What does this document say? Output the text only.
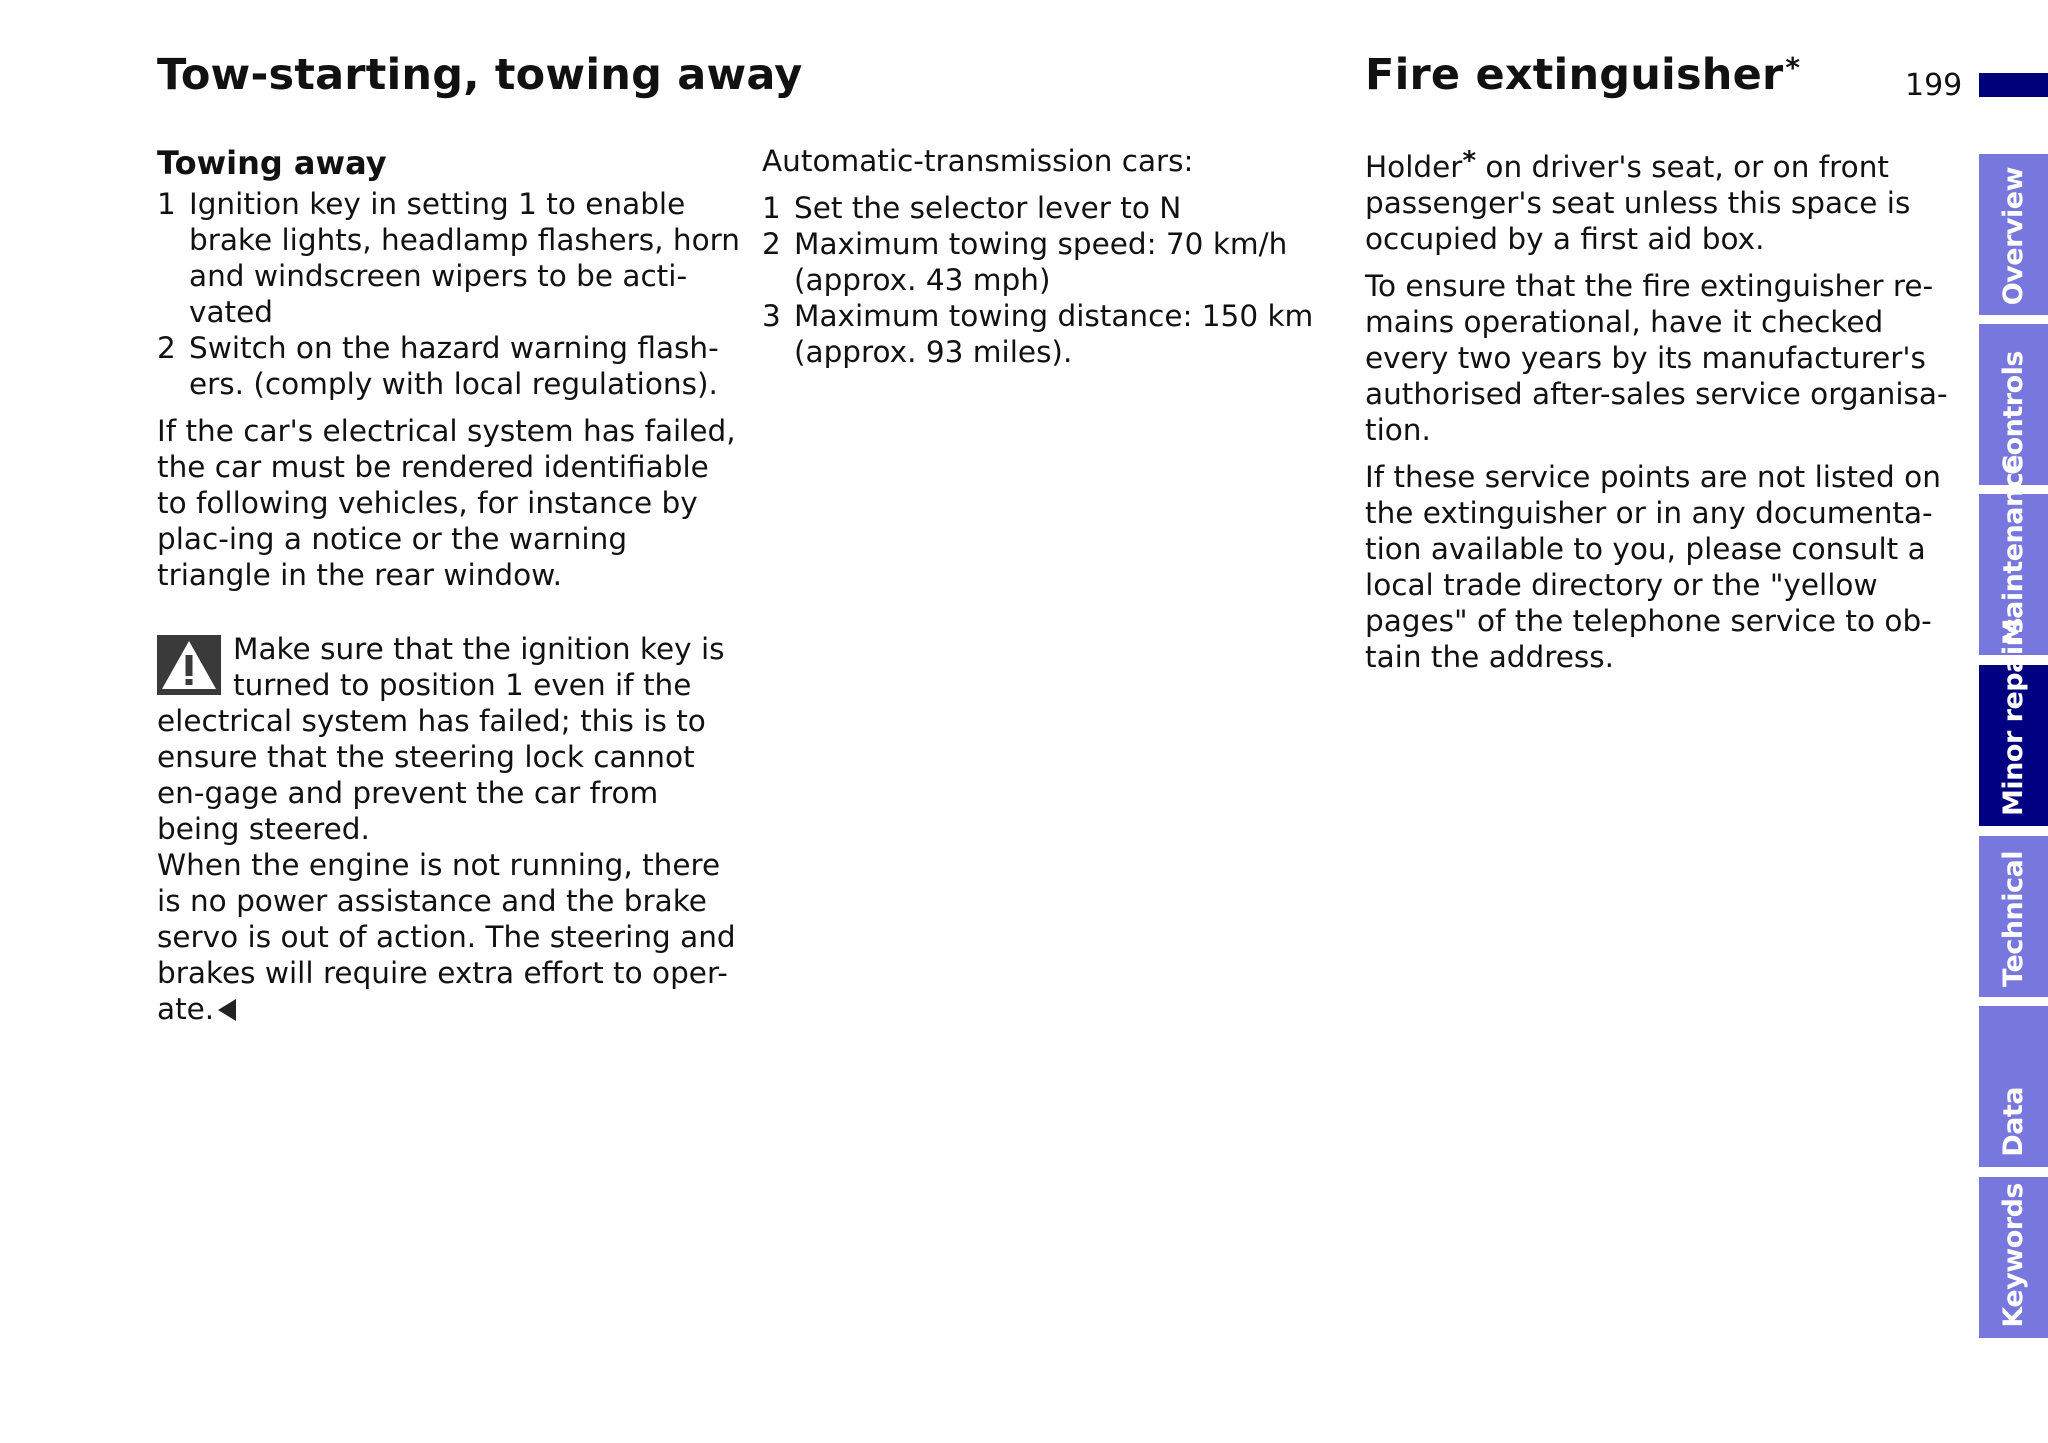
Tow-starting, towing away	Fire extinguisher*
199
Towing away
1 Ignition key in setting 1 to enable brake lights, headlamp flashers, horn and windscreen wipers to be acti-vated
2 Switch on the hazard warning flash-ers. (comply with local regulations).

If the car's electrical system has failed, the car must be rendered identifiable to following vehicles, for instance by plac-ing a notice or the warning triangle in the rear window.

Make sure that the ignition key is turned to position 1 even if the electrical system has failed; this is to ensure that the steering lock cannot en-gage and prevent the car from being steered.
When the engine is not running, there is no power assistance and the brake servo is out of action. The steering and brakes will require extra effort to oper-ate.

Automatic-transmission cars:

1 Set the selector lever to N
2 Maximum towing speed: 70 km/h (approx. 43 mph)
3 Maximum towing distance: 150 km (approx. 93 miles).

Holder* on driver's seat, or on front passenger's seat unless this space is occupied by a first aid box.

To ensure that the fire extinguisher re-mains operational, have it checked every two years by its manufacturer's authorised after-sales service organisa-tion.

If these service points are not listed on the extinguisher or in any documenta-tion available to you, please consult a local trade directory or the "yellow pages" of the telephone service to ob-tain the address.

Overview
Controls
Maintenance
Minor repairs
Technical
Data
Keywords
